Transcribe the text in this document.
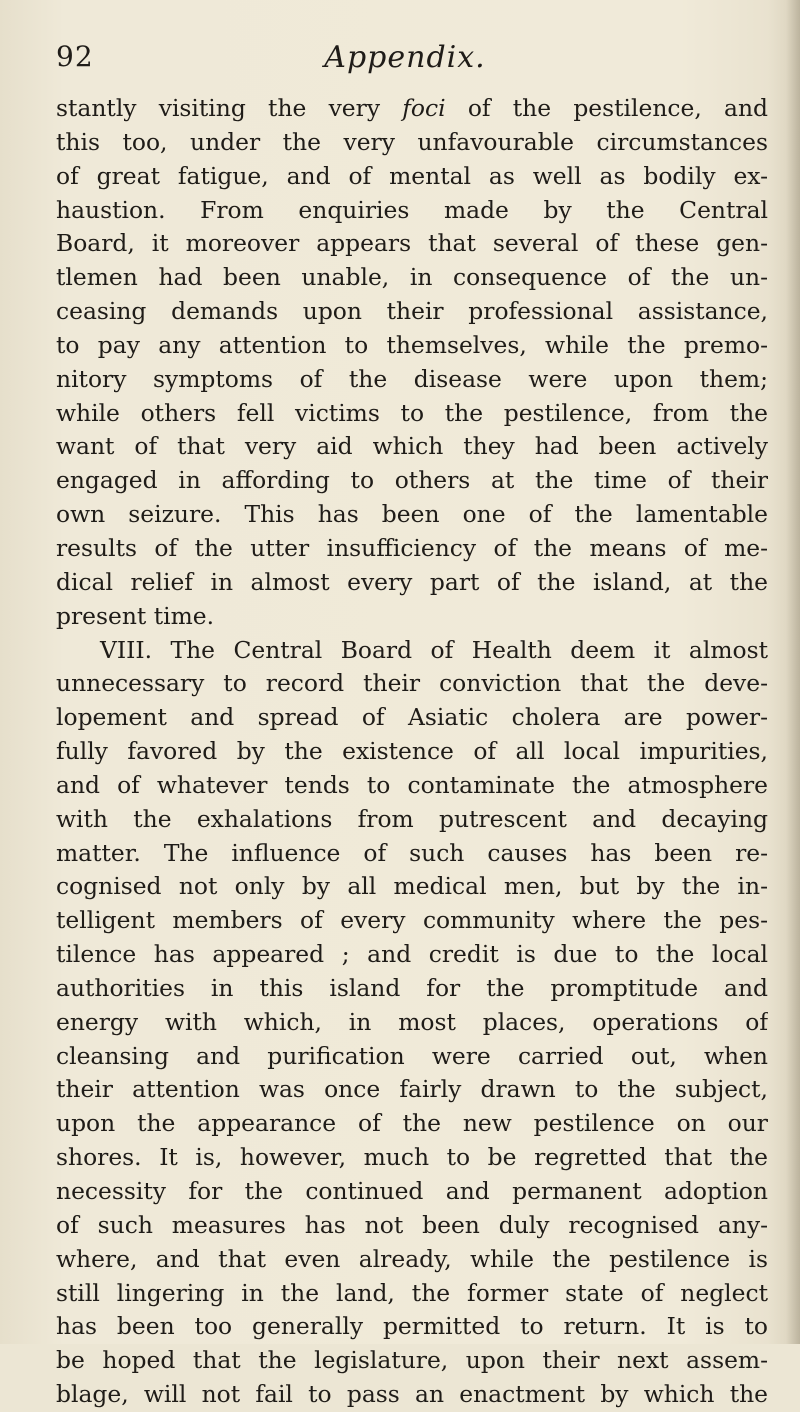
92	Appendix.
stantly visiting the very foci of the pestilence, and
this too, under the very unfavourable circumstances
of great fatigue, and of mental as well as bodily ex-
haustion. From enquiries made by the Central
Board, it moreover appears that several of these gen-
tlemen had been unable, in consequence of the un-
ceasing demands upon their professional assistance,
to pay any attention to themselves, while the premo-
nitory symptoms of the disease were upon them;
while others fell victims to the pestilence, from the
want of that very aid which they had been actively
engaged in affording to others at the time of their
own seizure. This has been one of the lamentable
results of the utter insufficiency of the means of me-
dical relief in almost every part of the island, at the
present time.
VIII. The Central Board of Health deem it almost
unnecessary to record their conviction that the deve-
lopement and spread of Asiatic cholera are power-
fully favored by the existence of all local impurities,
and of whatever tends to contaminate the atmosphere
with the exhalations from putrescent and decaying
matter. The influence of such causes has been re-
cognised not only by all medical men, but by the in-
telligent members of every community where the pes-
tilence has appeared ; and credit is due to the local
authorities in this island for the promptitude and
energy with which, in most places, operations of
cleansing and purification were carried out, when
their attention was once fairly drawn to the subject,
upon the appearance of the new pestilence on our
shores. It is, however, much to be regretted that the
necessity for the continued and permanent adoption
of such measures has not been duly recognised any-
where, and that even already, while the pestilence is
still lingering in the land, the former state of neglect
has been too generally permitted to return. It is to
be hoped that the legislature, upon their next assem-
blage, will not fail to pass an enactment by which the
